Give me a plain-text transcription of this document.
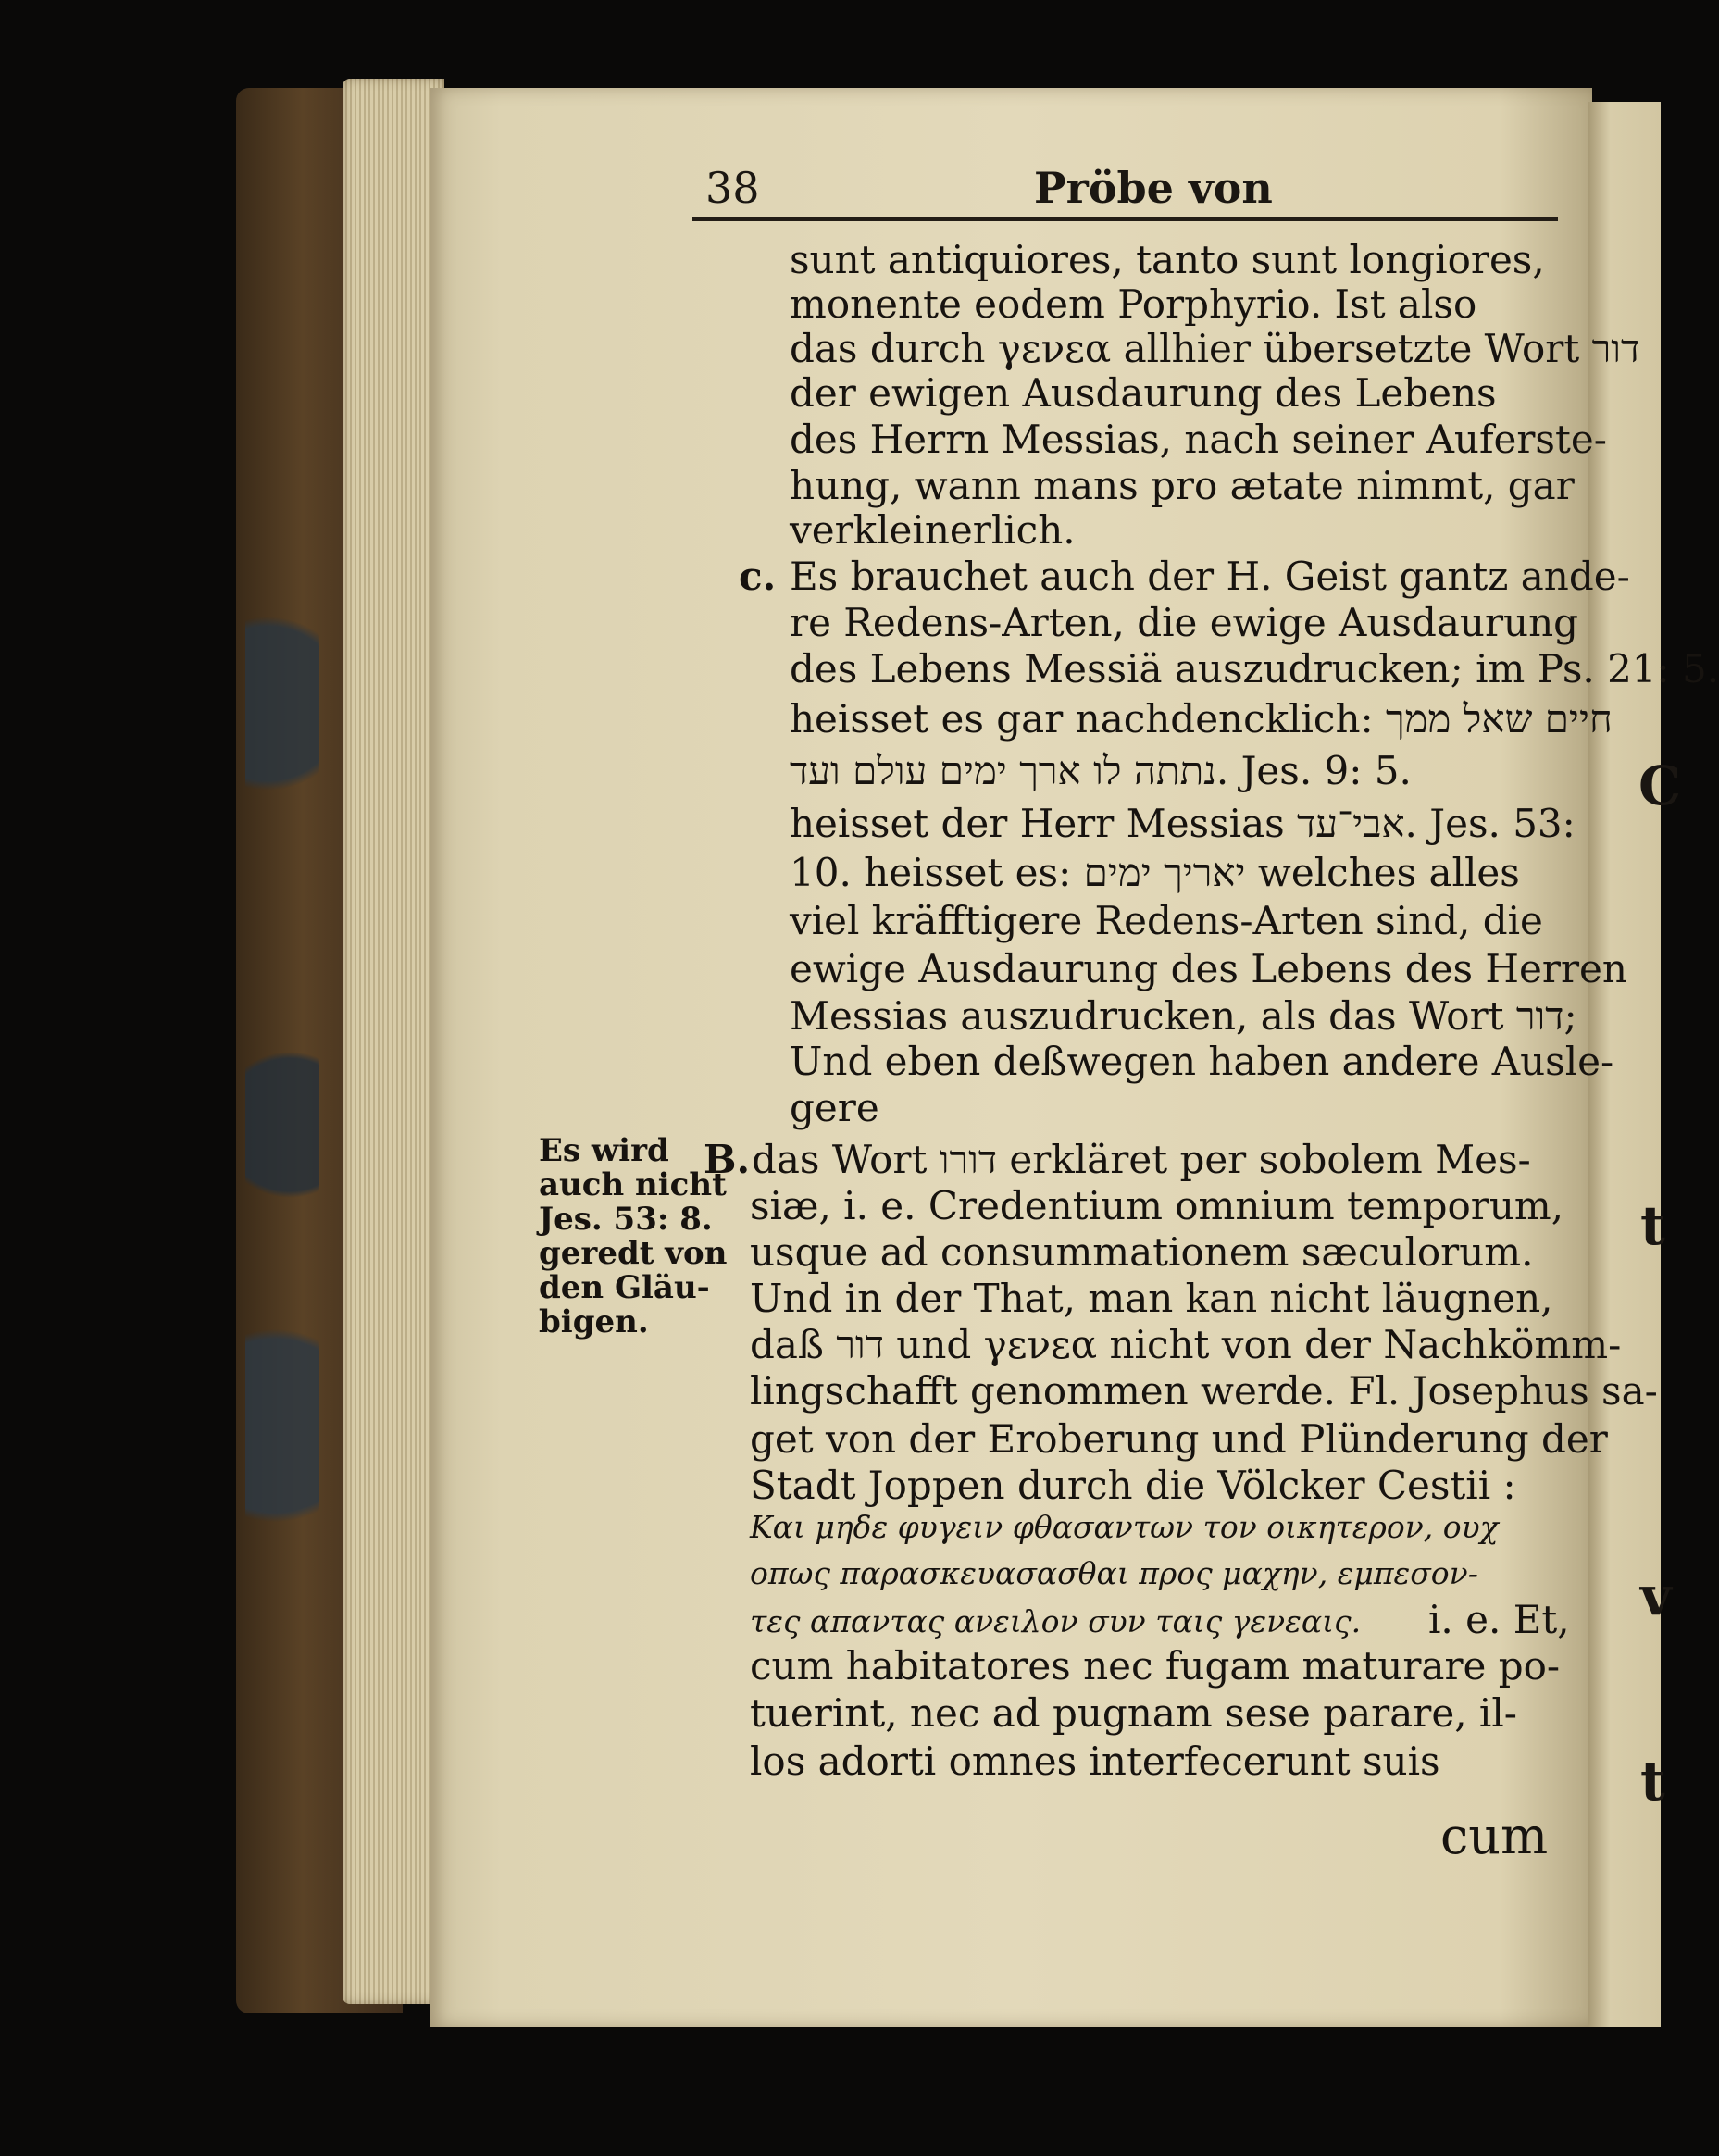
C
t
v
t
38	Pröbe von
sunt antiquiores, tanto sunt longiores,
monente eodem Porphyrio. Ist also
das durch γενεα allhier übersetzte Wort דור
der ewigen Ausdaurung des Lebens
des Herrn Messias, nach seiner Auferste-
hung, wann mans pro ætate nimmt, gar
verkleinerlich.
c. Es brauchet auch der H. Geist gantz ande-
re Redens-Arten, die ewige Ausdaurung
des Lebens Messiä auszudrucken; im Ps. 21: 5.
heisset es gar nachdencklich: חיים שאל ממך
נתתה לו ארך ימים עולם ועד. Jes. 9: 5.
heisset der Herr Messias אבי־עד. Jes. 53:
10. heisset es: יאריך ימים welches alles
viel kräfftigere Redens-Arten sind, die
ewige Ausdaurung des Lebens des Herren
Messias auszudrucken, als das Wort דור;
Und eben deßwegen haben andere Ausle-
gere
Es wird
auch nicht
Jes. 53: 8.
geredt von
den Gläu-
bigen.
B. das Wort דורו erkläret per sobolem Mes-
siæ, i. e. Credentium omnium temporum,
usque ad consummationem sæculorum.
Und in der That, man kan nicht läugnen,
daß דור und γενεα nicht von der Nachkömm-
lingschafft genommen werde. Fl. Josephus sa-
get von der Eroberung und Plünderung der
Stadt Joppen durch die Völcker Cestii :
Και μηδε φυγειν φθασαντων τον οικητερον, ουχ
οπως παρασκευασασθαι προς μαχην, εμπεσον-
τες απαντας ανειλον συν ταις γενεαις. i. e. Et,
cum habitatores nec fugam maturare po-
tuerint, nec ad pugnam sese parare, il-
los adorti omnes interfecerunt suis
cum
